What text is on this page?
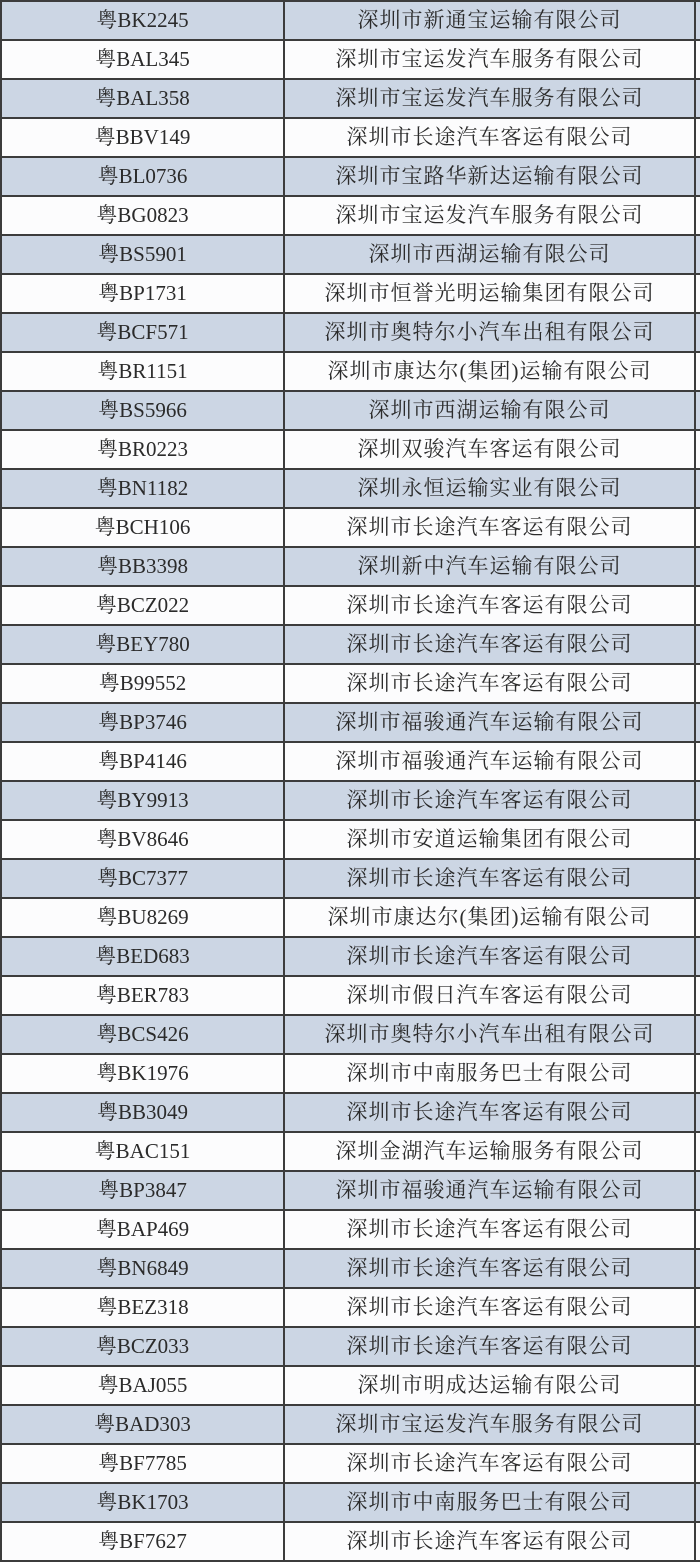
粤BK2245	深圳市新通宝运输有限公司
粤BAL345	深圳市宝运发汽车服务有限公司
粤BAL358	深圳市宝运发汽车服务有限公司
粤BBV149	深圳市长途汽车客运有限公司
粤BL0736	深圳市宝路华新达运输有限公司
粤BG0823	深圳市宝运发汽车服务有限公司
粤BS5901	深圳市西湖运输有限公司
粤BP1731	深圳市恒誉光明运输集团有限公司
粤BCF571	深圳市奥特尔小汽车出租有限公司
粤BR1151	深圳市康达尔(集团)运输有限公司
粤BS5966	深圳市西湖运输有限公司
粤BR0223	深圳双骏汽车客运有限公司
粤BN1182	深圳永恒运输实业有限公司
粤BCH106	深圳市长途汽车客运有限公司
粤BB3398	深圳新中汽车运输有限公司
粤BCZ022	深圳市长途汽车客运有限公司
粤BEY780	深圳市长途汽车客运有限公司
粤B99552	深圳市长途汽车客运有限公司
粤BP3746	深圳市福骏通汽车运输有限公司
粤BP4146	深圳市福骏通汽车运输有限公司
粤BY9913	深圳市长途汽车客运有限公司
粤BV8646	深圳市安道运输集团有限公司
粤BC7377	深圳市长途汽车客运有限公司
粤BU8269	深圳市康达尔(集团)运输有限公司
粤BED683	深圳市长途汽车客运有限公司
粤BER783	深圳市假日汽车客运有限公司
粤BCS426	深圳市奥特尔小汽车出租有限公司
粤BK1976	深圳市中南服务巴士有限公司
粤BB3049	深圳市长途汽车客运有限公司
粤BAC151	深圳金湖汽车运输服务有限公司
粤BP3847	深圳市福骏通汽车运输有限公司
粤BAP469	深圳市长途汽车客运有限公司
粤BN6849	深圳市长途汽车客运有限公司
粤BEZ318	深圳市长途汽车客运有限公司
粤BCZ033	深圳市长途汽车客运有限公司
粤BAJ055	深圳市明成达运输有限公司
粤BAD303	深圳市宝运发汽车服务有限公司
粤BF7785	深圳市长途汽车客运有限公司
粤BK1703	深圳市中南服务巴士有限公司
粤BF7627	深圳市长途汽车客运有限公司
